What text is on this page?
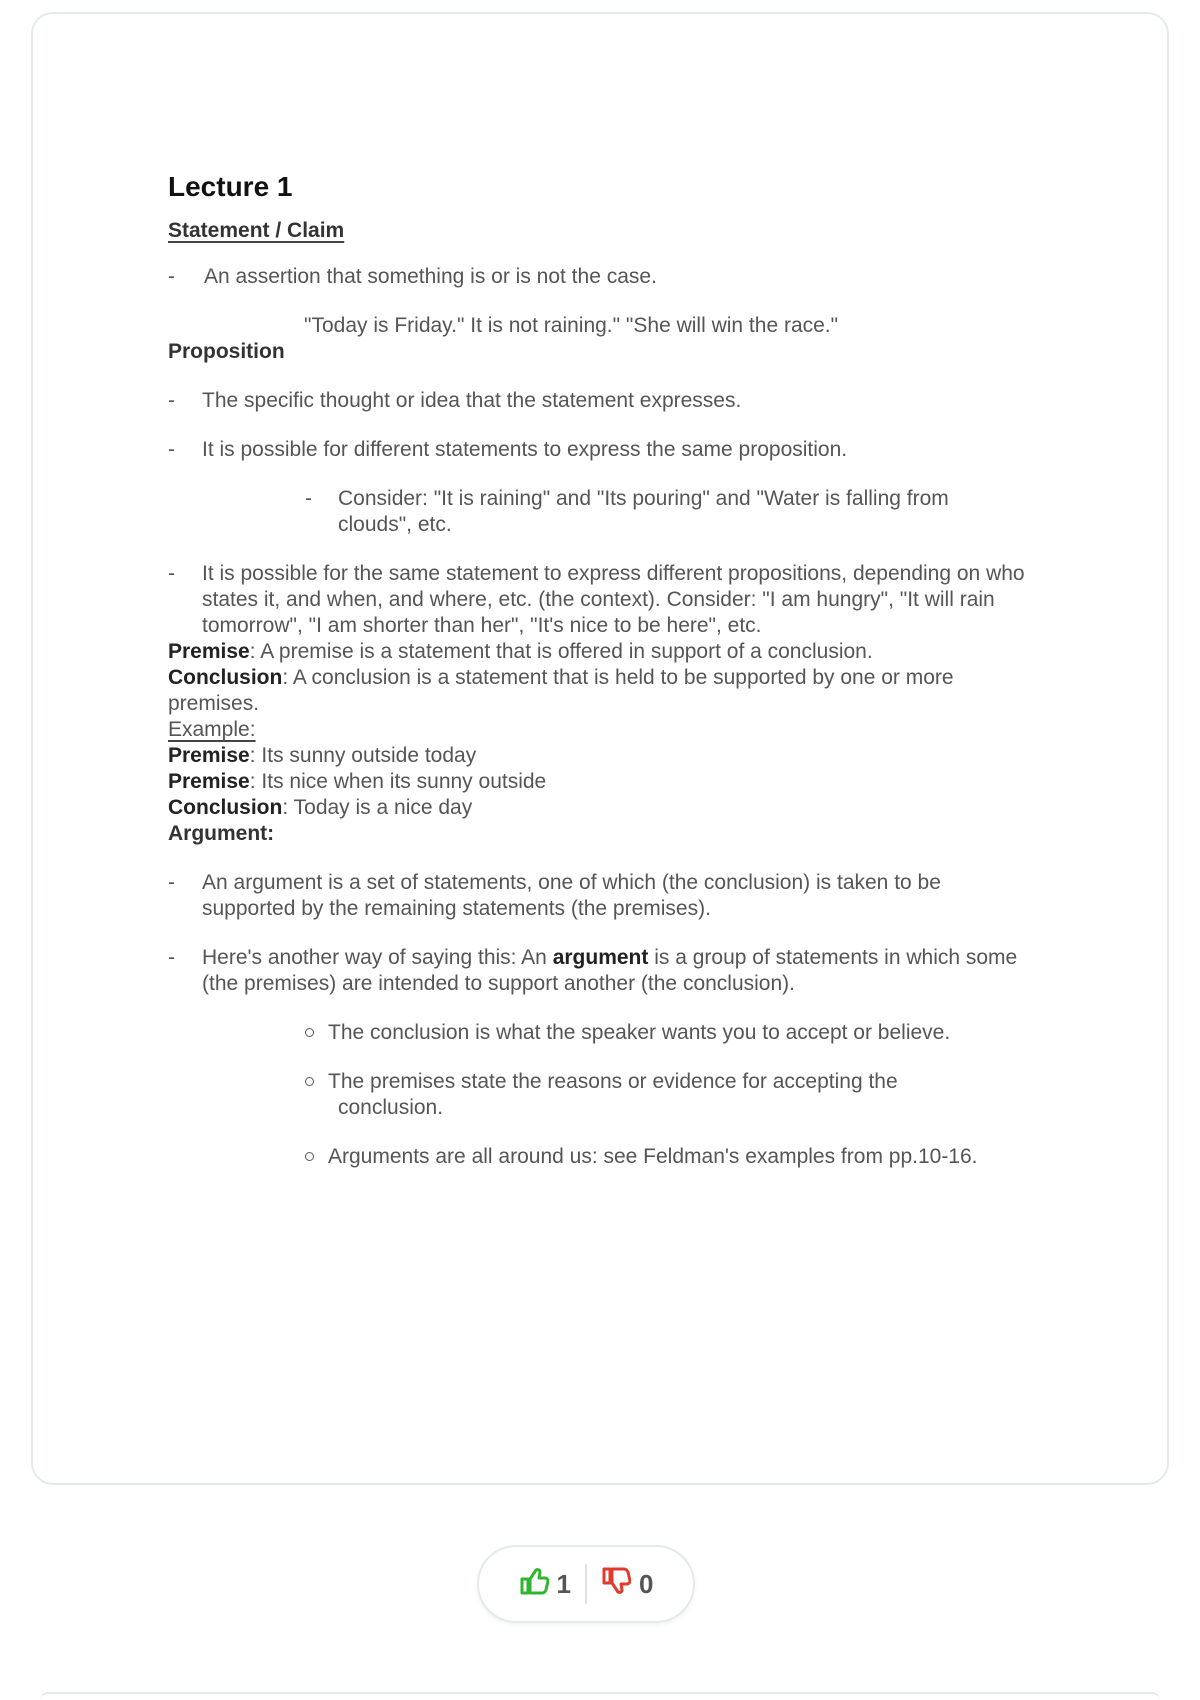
Lecture 1

Statement / Claim

-	An assertion that something is or is not the case.

"Today is Friday." It is not raining." "She will win the race."

Proposition

-	The specific thought or idea that the statement expresses.

-	It is possible for different statements to express the same proposition.

-	Consider: "It is raining" and "Its pouring" and "Water is falling from clouds", etc.

-	It is possible for the same statement to express different propositions, depending on who states it, and when, and where, etc. (the context). Consider: "I am hungry", "It will rain tomorrow", "I am shorter than her", "It's nice to be here", etc.

Premise: A premise is a statement that is offered in support of a conclusion.

Conclusion: A conclusion is a statement that is held to be supported by one or more premises.

Example:

Premise: Its sunny outside today

Premise: Its nice when its sunny outside

Conclusion: Today is a nice day

Argument:

-	An argument is a set of statements, one of which (the conclusion) is taken to be supported by the remaining statements (the premises).

-	Here's another way of saying this: An argument is a group of statements in which some (the premises) are intended to support another (the conclusion).

The conclusion is what the speaker wants you to accept or believe.

The premises state the reasons or evidence for accepting the
conclusion.

Arguments are all around us: see Feldman's examples from pp.10-16.

1	0
